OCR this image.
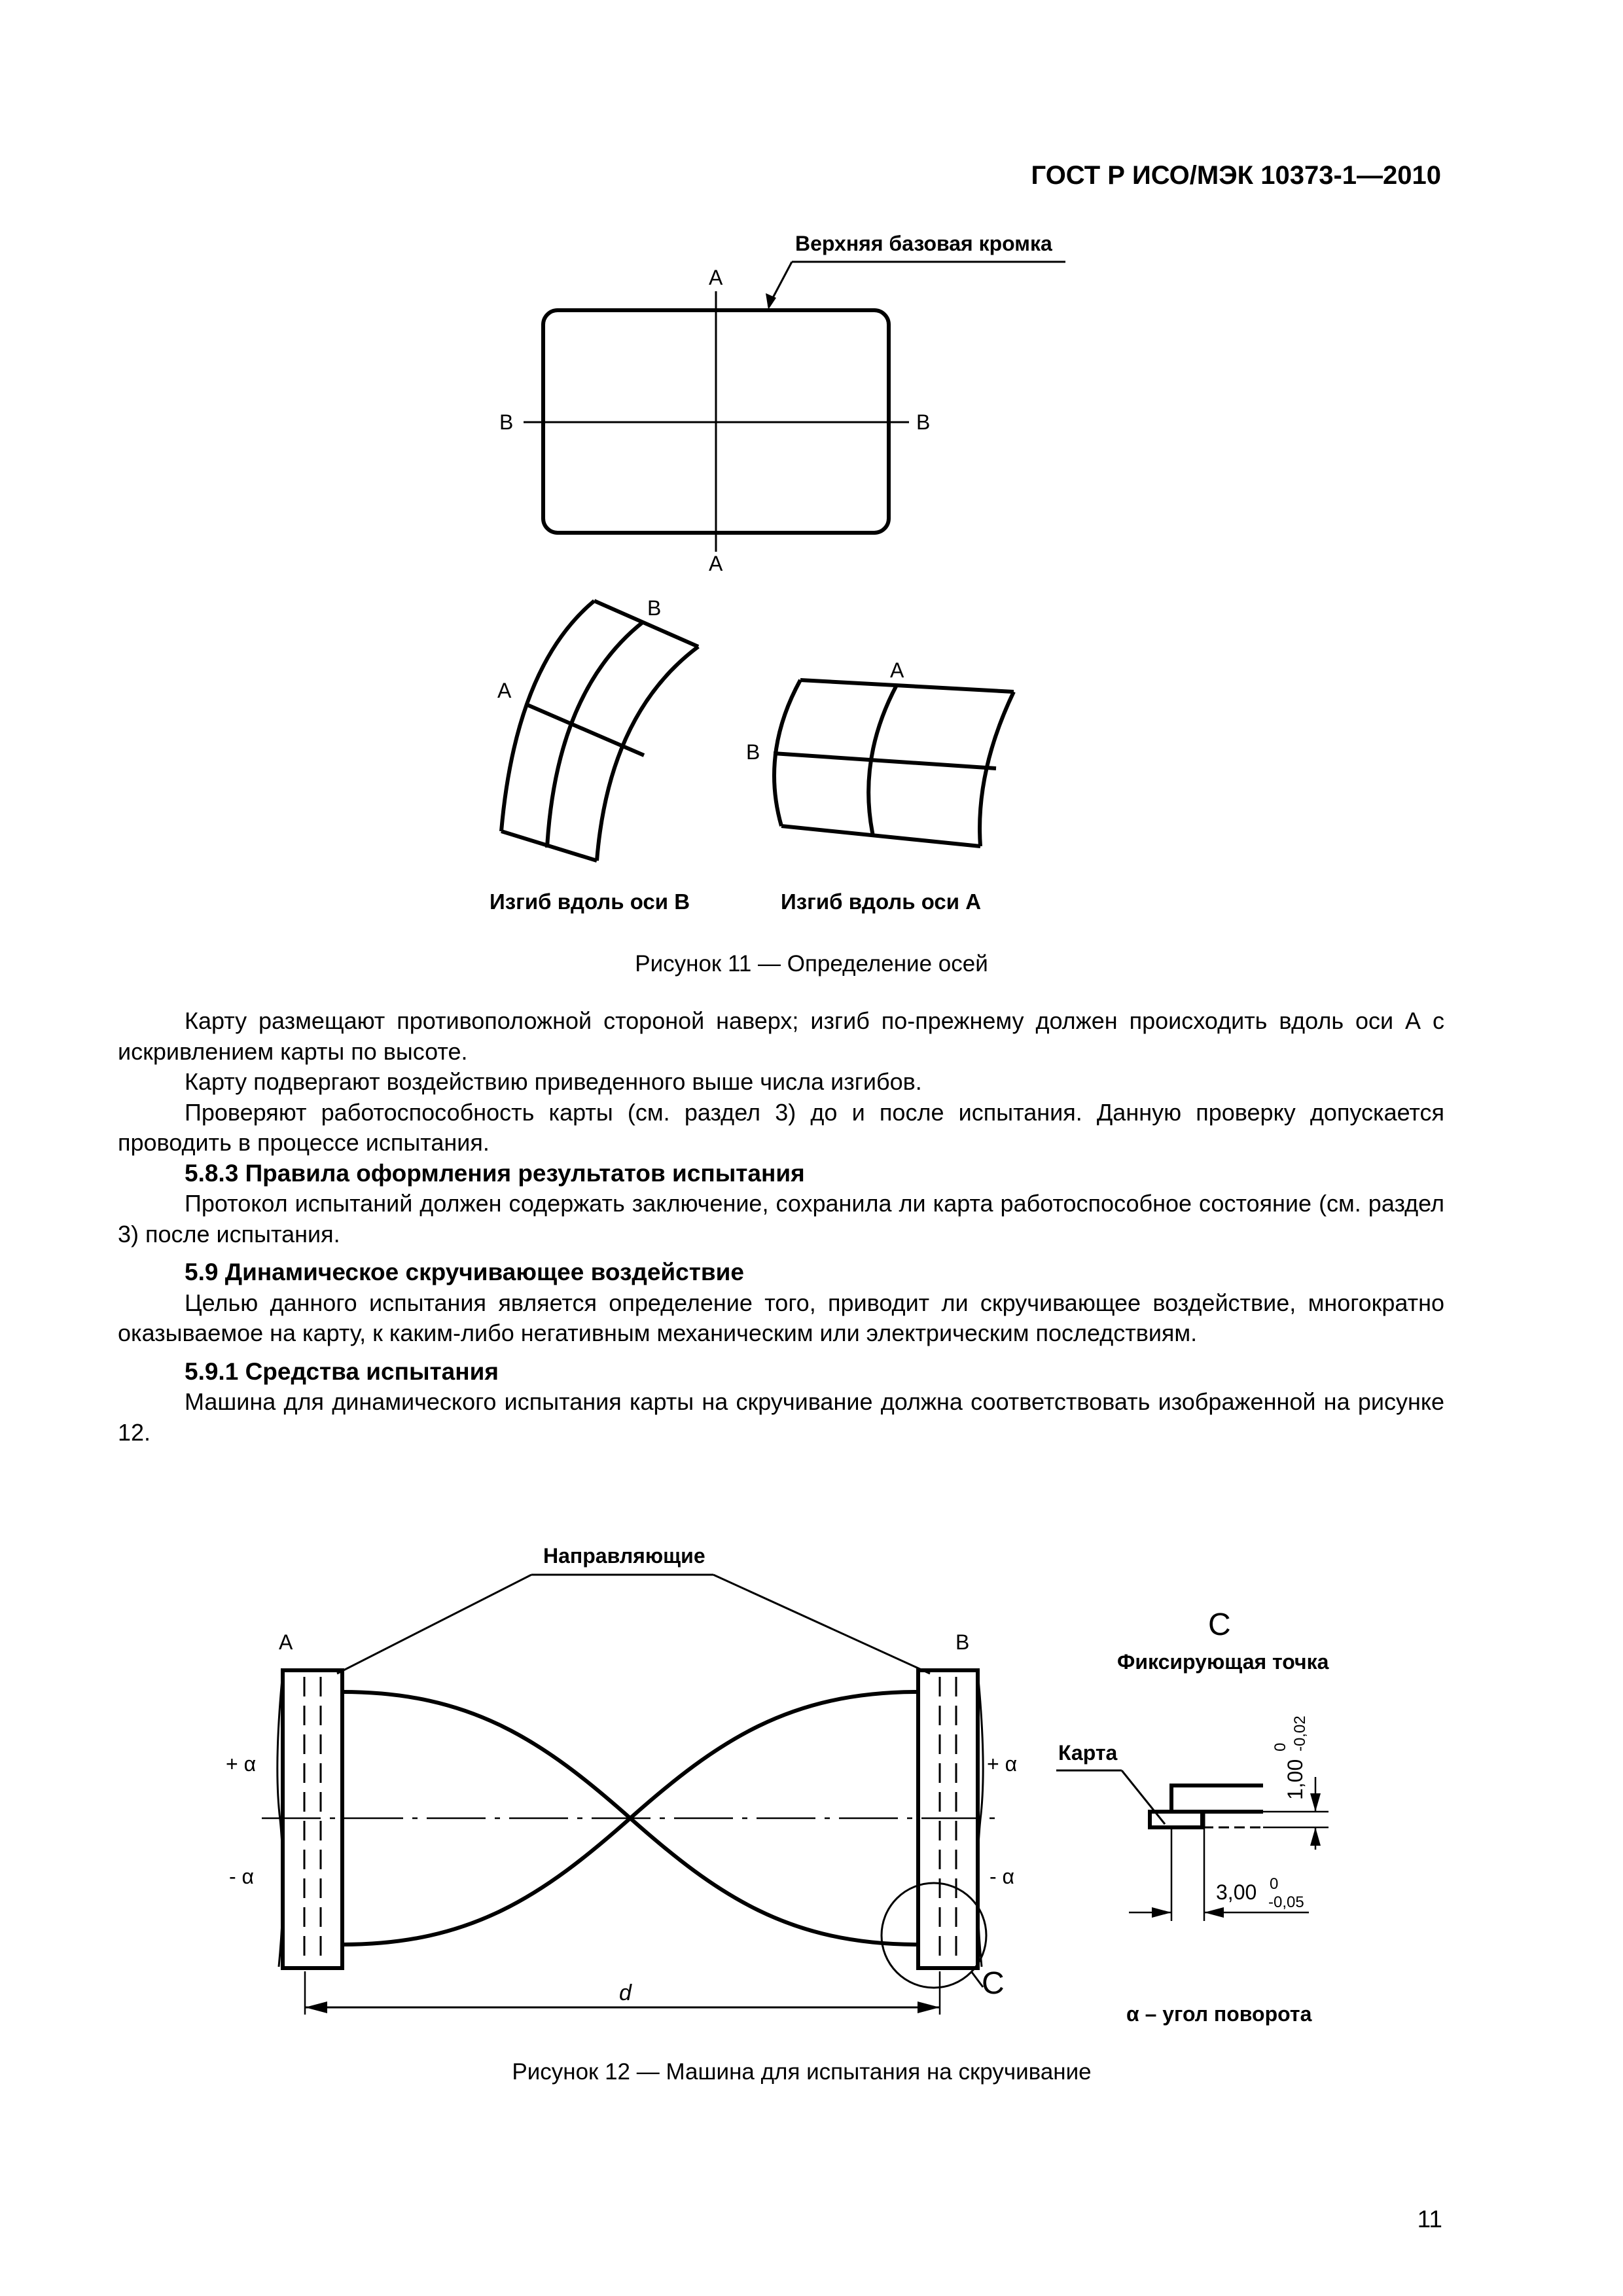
ГОСТ Р ИСО/МЭК 10373-1—2010
Верхняя базовая кромка
A
A
B	B
A
B
A
B
Изгиб вдоль оси B	Изгиб вдоль оси A
Рисунок 11 — Определение осей

Карту размещают противоположной стороной наверх; изгиб по-прежнему должен происходить вдоль оси А с искривлением карты по высоте.

Карту подвергают воздействию приведенного выше числа изгибов.

Проверяют работоспособность карты (см. раздел 3) до и после испытания. Данную проверку допускается проводить в процессе испытания.

5.8.3 Правила оформления результатов испытания

Протокол испытаний должен содержать заключение, сохранила ли карта работоспособное состояние (см. раздел 3) после испытания.

5.9 Динамическое скручивающее воздействие

Целью данного испытания является определение того, приводит ли скручивающее воздействие, многократно оказываемое на карту, к каким-либо негативным механическим или электрическим последствиям.

5.9.1 Средства испытания

Машина для динамического испытания карты на скручивание должна соответствовать изображенной на рисунке 12.

Направляющие
A	B
+ α
- α
+ α
- α
C
d
C
Фиксирующая точка
Карта
1,00
0 -0,02
3,00 0
-0,05
α – угол поворота
Рисунок 12 — Машина для испытания на скручивание
11
